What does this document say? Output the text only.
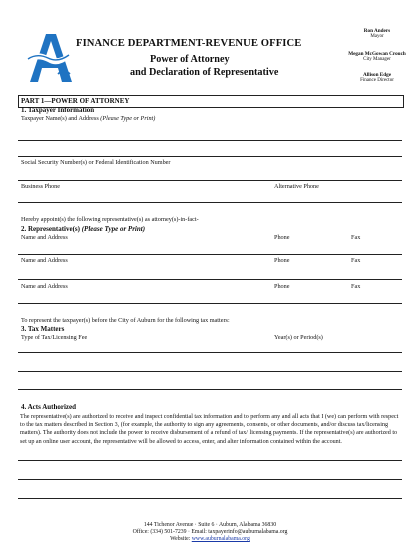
FINANCE DEPARTMENT-REVENUE OFFICE
Power of Attorney
and Declaration of Representative
Ron Anders
Mayor
Megan McGowan Crouch
City Manager
Allison Edge
Finance Director
PART 1—POWER OF ATTORNEY
1. Taxpayer Information
Taxpayer Name(s) and Address (Please Type or Print)
Social Security Number(s) or Federal Identification Number
Business Phone	Alternative Phone
Hereby appoint(s) the following representative(s) as attorney(s)-in-fact-
2. Representative(s) (Please Type or Print)
Name and Address	Phone	Fax
Name and Address	Phone	Fax
Name and Address	Phone	Fax
To represent the taxpayer(s) before the City of Auburn for the following tax matters:
3. Tax Matters
Type of Tax/Licensing Fee	Year(s) or Period(s)
4. Acts Authorized
The representative(s) are authorized to receive and inspect confidential tax information and to perform any and all acts that I (we) can perform with respect to the tax matters described in Section 3, (for example, the authority to sign any agreements, consents, or other documents, and/or discuss tax/licensing matters). The authority does not include the power to receive disbursement of a refund of tax/ licensing payments. If the representative(s) are authorized to set up an online user account, the representative will be allowed to access, enter, and alter information contained within the account.
144 Tichenor Avenue · Suite 6 · Auburn, Alabama 36830
Office: (334) 501-7239 · Email: taxpayerinfo@auburnalabama.org
Website: www.auburnalabama.org
